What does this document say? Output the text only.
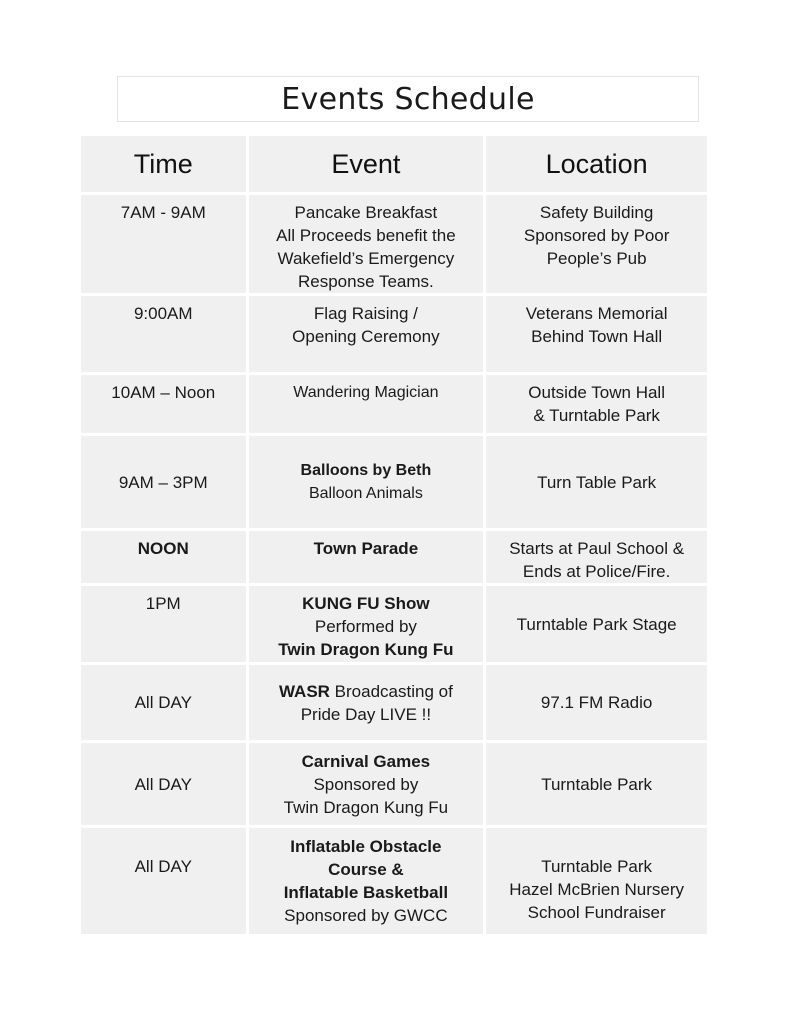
Events Schedule
Time	Event	Location
7AM - 9AM	Pancake Breakfast
All Proceeds benefit the
Wakefield’s Emergency
Response Teams.	Safety Building
Sponsored by Poor
People’s Pub

9:00AM	Flag Raising /
Opening Ceremony	Veterans Memorial
Behind Town Hall

10AM – Noon	Wandering Magician	Outside Town Hall
& Turntable Park

9AM – 3PM	Balloons by Beth
Balloon Animals	Turn Table Park

NOON	Town Parade	Starts at Paul School &
Ends at Police/Fire.

1PM	KUNG FU Show
Performed by
Twin Dragon Kung Fu	Turntable Park Stage

All DAY	WASR Broadcasting of
Pride Day LIVE !!	97.1 FM Radio

All DAY	Carnival Games
Sponsored by
Twin Dragon Kung Fu	Turntable Park

All DAY	Inflatable Obstacle
Course &
Inflatable Basketball
Sponsored by GWCC	Turntable Park
Hazel McBrien Nursery
School Fundraiser
